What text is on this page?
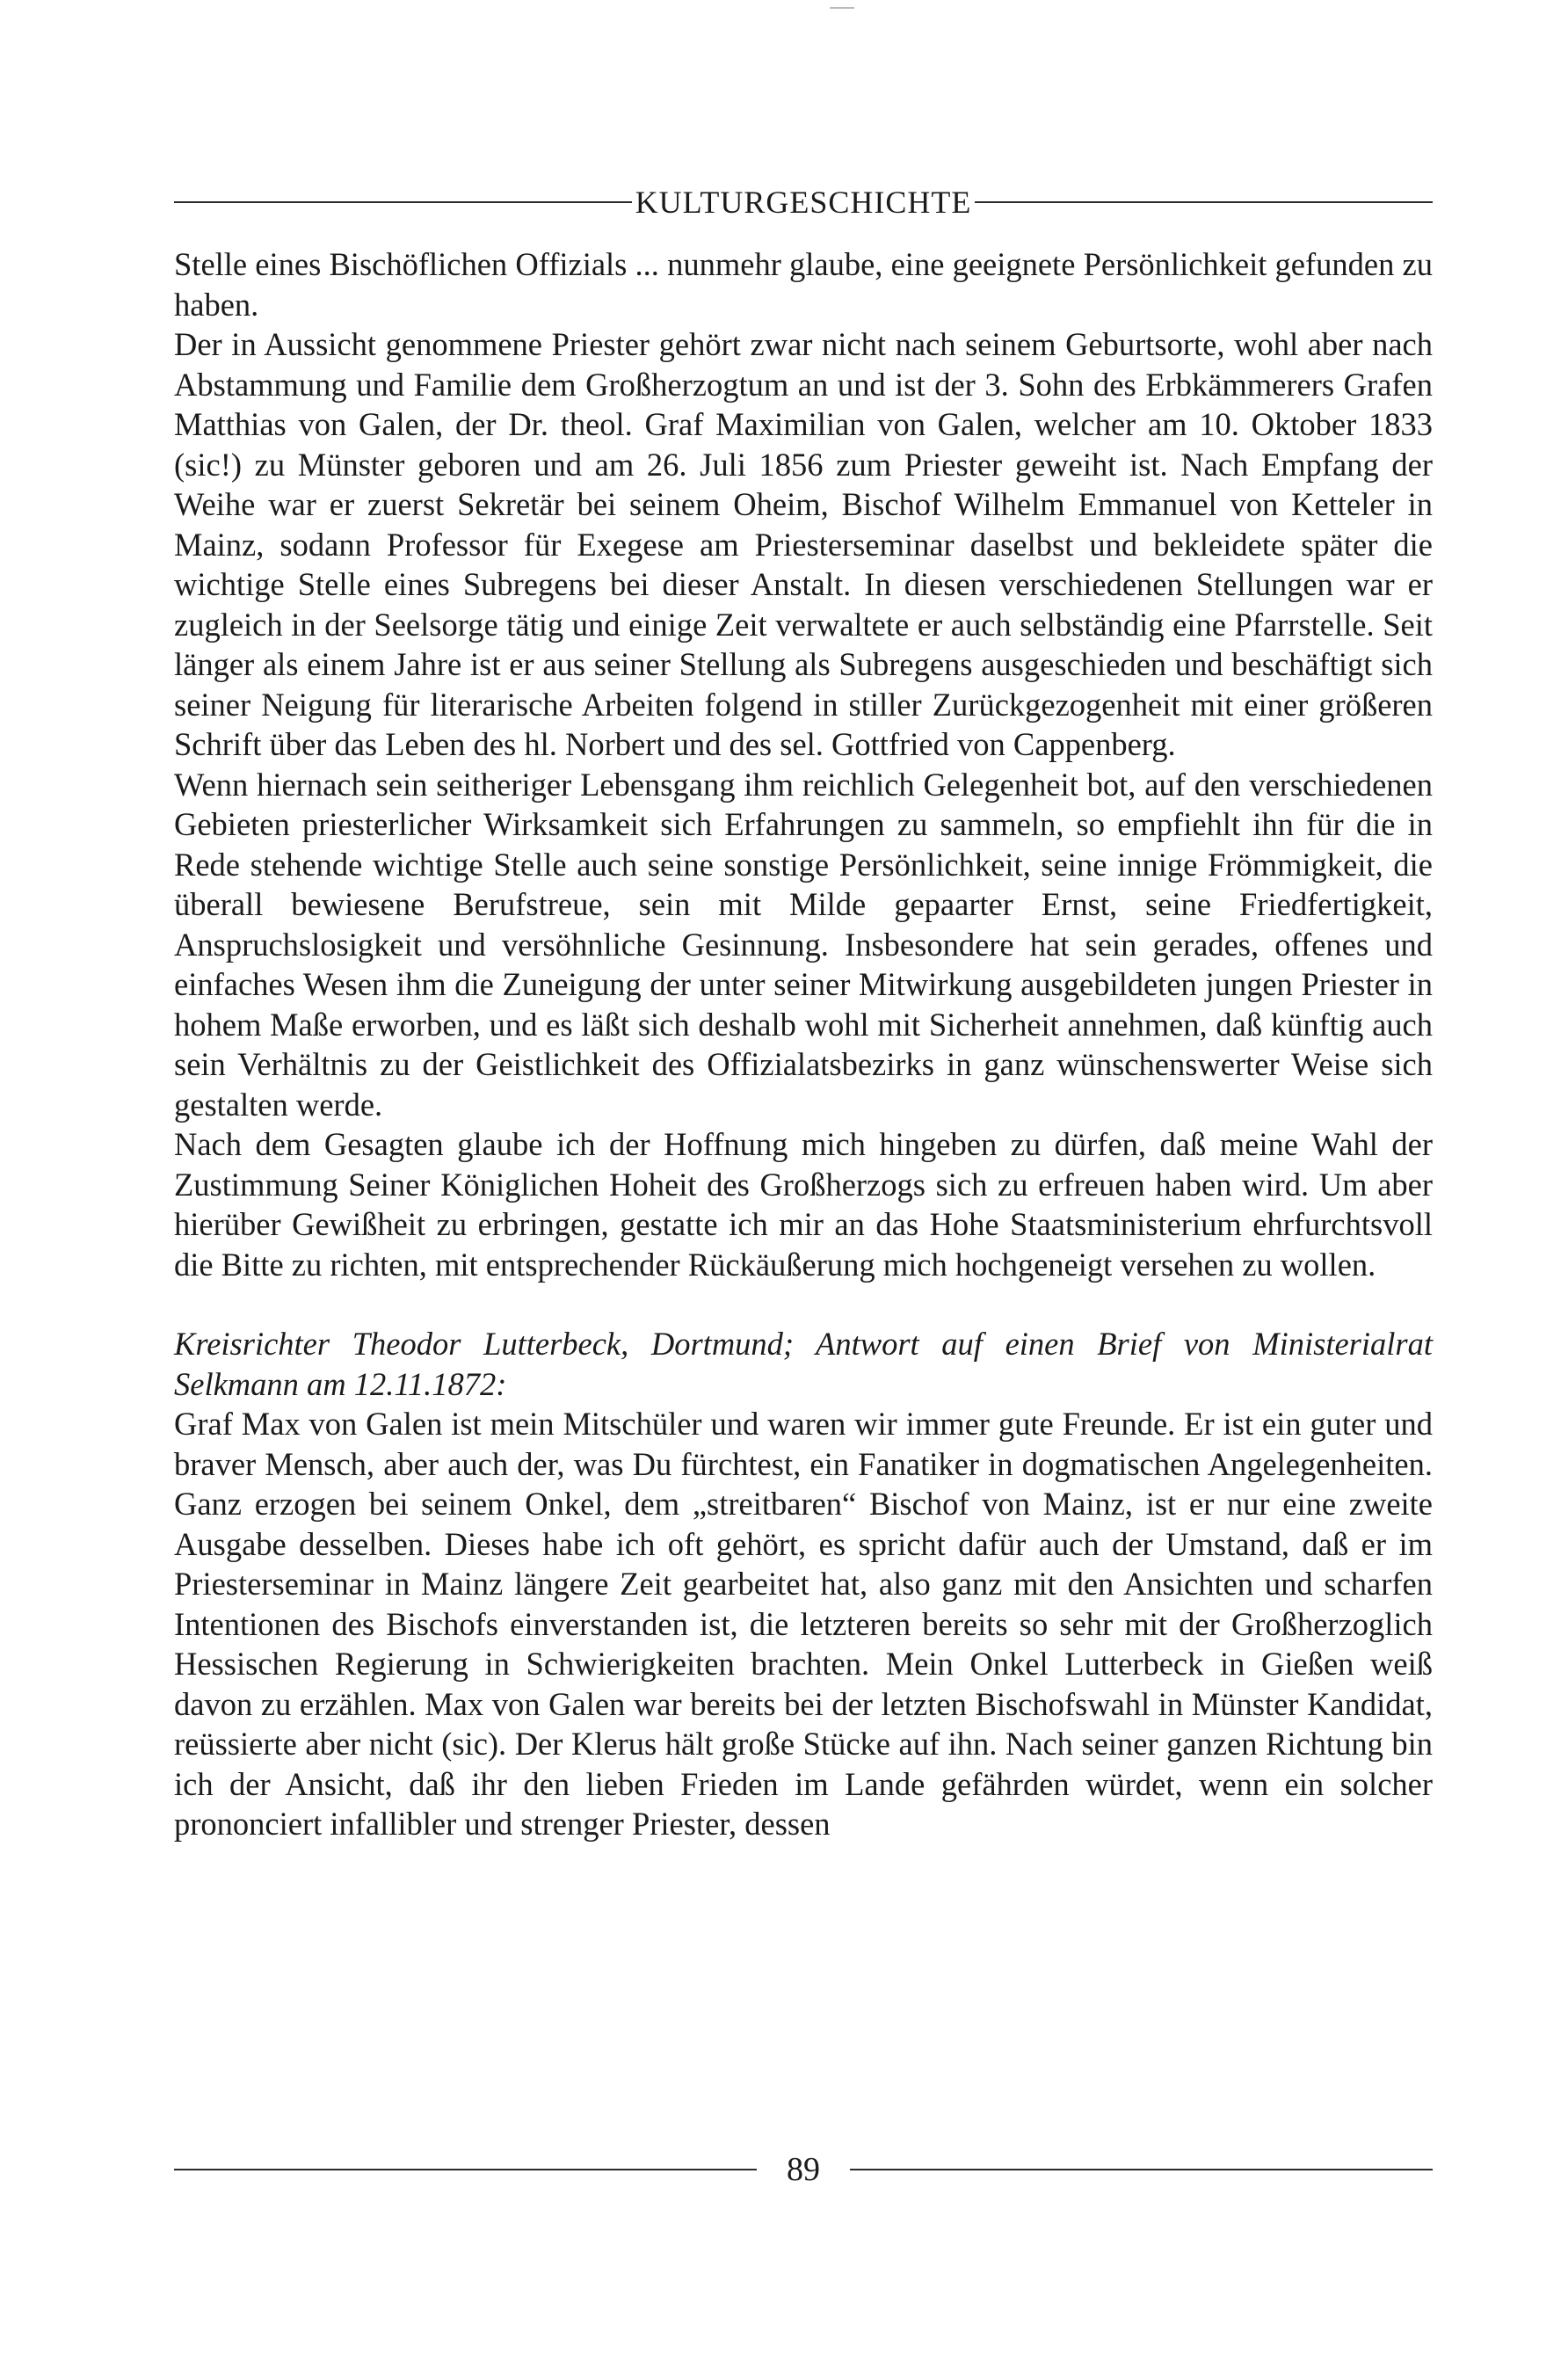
KULTURGESCHICHTE

Stelle eines Bischöflichen Offizials ... nunmehr glaube, eine geeignete Persönlichkeit gefunden zu haben.

Der in Aussicht genommene Priester gehört zwar nicht nach seinem Geburtsorte, wohl aber nach Abstammung und Familie dem Großherzogtum an und ist der 3. Sohn des Erbkämmerers Grafen Matthias von Galen, der Dr. theol. Graf Maximilian von Galen, welcher am 10. Oktober 1833 (sic!) zu Münster geboren und am 26. Juli 1856 zum Priester geweiht ist. Nach Empfang der Weihe war er zuerst Sekretär bei seinem Oheim, Bischof Wilhelm Emmanuel von Ketteler in Mainz, sodann Professor für Exegese am Priesterseminar daselbst und bekleidete später die wichtige Stelle eines Subregens bei dieser Anstalt. In diesen verschiedenen Stellungen war er zugleich in der Seelsorge tätig und einige Zeit verwaltete er auch selbständig eine Pfarrstelle. Seit länger als einem Jahre ist er aus seiner Stellung als Subregens ausgeschieden und beschäftigt sich seiner Neigung für literarische Arbeiten folgend in stiller Zurückgezogenheit mit einer größeren Schrift über das Leben des hl. Norbert und des sel. Gottfried von Cappenberg.

Wenn hiernach sein seitheriger Lebensgang ihm reichlich Gelegenheit bot, auf den verschiedenen Gebieten priesterlicher Wirksamkeit sich Erfahrungen zu sammeln, so empfiehlt ihn für die in Rede stehende wichtige Stelle auch seine sonstige Persönlichkeit, seine innige Frömmigkeit, die überall bewiesene Berufstreue, sein mit Milde gepaarter Ernst, seine Friedfertigkeit, Anspruchslosigkeit und versöhnliche Gesinnung. Insbesondere hat sein gerades, offenes und einfaches Wesen ihm die Zuneigung der unter seiner Mitwirkung ausgebildeten jungen Priester in hohem Maße erworben, und es läßt sich deshalb wohl mit Sicherheit annehmen, daß künftig auch sein Verhältnis zu der Geistlichkeit des Offizialatsbezirks in ganz wünschenswerter Weise sich gestalten werde.

Nach dem Gesagten glaube ich der Hoffnung mich hingeben zu dürfen, daß meine Wahl der Zustimmung Seiner Königlichen Hoheit des Großherzogs sich zu erfreuen haben wird. Um aber hierüber Gewißheit zu erbringen, gestatte ich mir an das Hohe Staatsministerium ehrfurchtsvoll die Bitte zu richten, mit entsprechender Rückäußerung mich hochgeneigt versehen zu wollen.

Kreisrichter Theodor Lutterbeck, Dortmund; Antwort auf einen Brief von Ministerialrat Selkmann am 12.11.1872:

Graf Max von Galen ist mein Mitschüler und waren wir immer gute Freunde. Er ist ein guter und braver Mensch, aber auch der, was Du fürchtest, ein Fanatiker in dogmatischen Angelegenheiten. Ganz erzogen bei seinem Onkel, dem „streitbaren“ Bischof von Mainz, ist er nur eine zweite Ausgabe desselben. Dieses habe ich oft gehört, es spricht dafür auch der Umstand, daß er im Priesterseminar in Mainz längere Zeit gearbeitet hat, also ganz mit den Ansichten und scharfen Intentionen des Bischofs einverstanden ist, die letzteren bereits so sehr mit der Großherzoglich Hessischen Regierung in Schwierigkeiten brachten. Mein Onkel Lutterbeck in Gießen weiß davon zu erzählen. Max von Galen war bereits bei der letzten Bischofswahl in Münster Kandidat, reüssierte aber nicht (sic). Der Klerus hält große Stücke auf ihn. Nach seiner ganzen Richtung bin ich der Ansicht, daß ihr den lieben Frieden im Lande gefährden würdet, wenn ein solcher prononciert infallibler und strenger Priester, dessen

89
